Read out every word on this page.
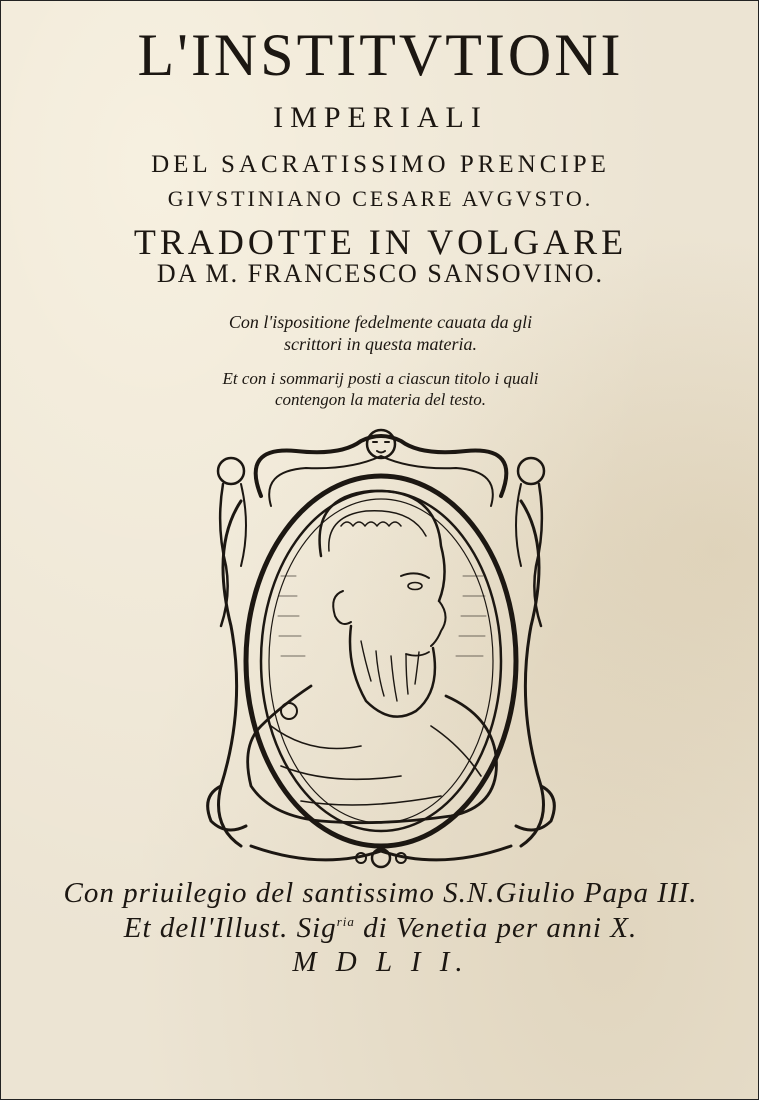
L'INSTITVTIONI
IMPERIALI
DEL SACRATISSIMO PRENCIPE
GIVSTINIANO CESARE AVGVSTO.
TRADOTTE IN VOLGARE
DA M. FRANCESCO SANSOVINO.
Con l'ispositione fedelmente cauata da gli
scrittori in questa materia.
Et con i sommarij posti a ciascun titolo i quali
contengon la materia del testo.
Con priuilegio del santissimo S.N.Giulio Papa III.
Et dell'Illust. Sig$^{ria}$ di Venetia per anni X.
M D L I I.
